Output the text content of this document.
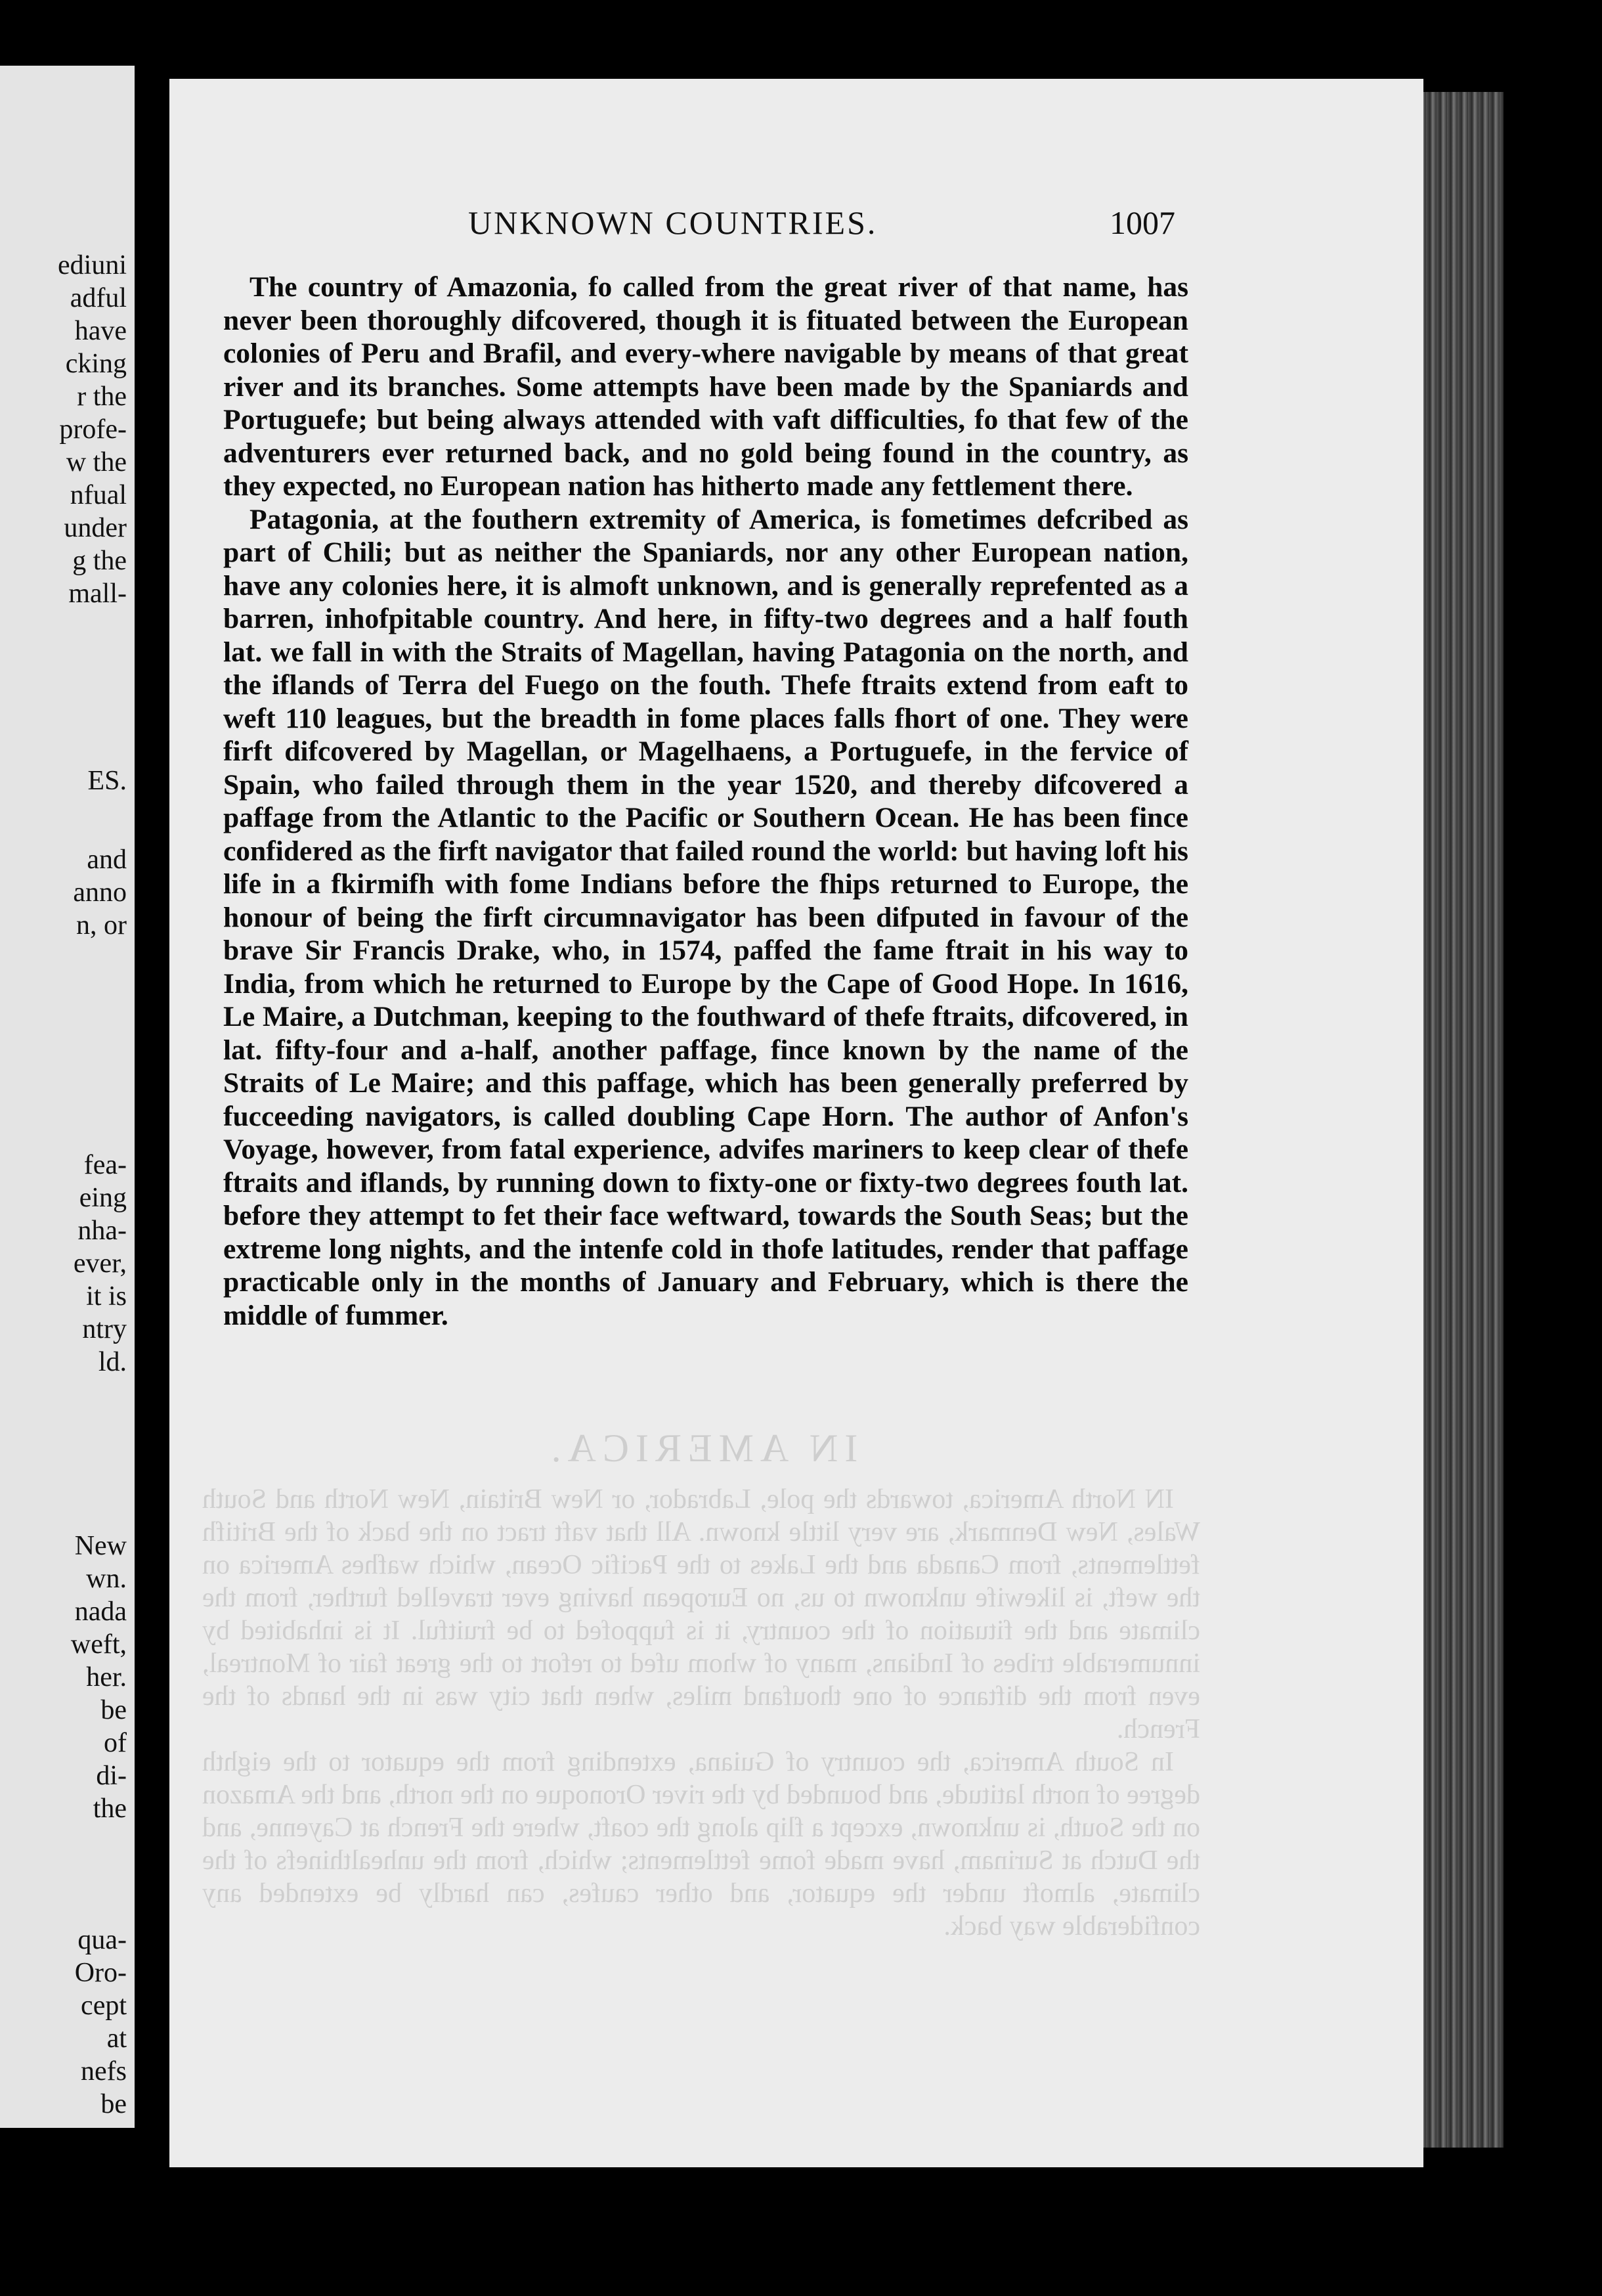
ediuni
adful
have
cking
r the
profe-
w the
nfual
under
g the
mall-
ES.
and
anno
n, or
fea-
eing
nha-
ever,
it is
ntry
ld.
New
wn.
nada
weft,
her.
be
of
di-
the
qua-
Oro-
cept
at
nefs
be
UNKNOWN COUNTRIES.	1007

The country of Amazonia, fo called from the great river of that name, has never been thoroughly difcovered, though it is fituated between the European colonies of Peru and Brafil, and every-where navigable by means of that great river and its branches. Some attempts have been made by the Spaniards and Portuguefe; but being always attended with vaft difficulties, fo that few of the adventurers ever returned back, and no gold being found in the country, as they expected, no European nation has hitherto made any fettlement there.

Patagonia, at the fouthern extremity of America, is fometimes defcribed as part of Chili; but as neither the Spaniards, nor any other European nation, have any colonies here, it is almoft unknown, and is generally reprefented as a barren, inhofpitable country. And here, in fifty-two degrees and a half fouth lat. we fall in with the Straits of Magellan, having Patagonia on the north, and the iflands of Terra del Fuego on the fouth. Thefe ftraits extend from eaft to weft 110 leagues, but the breadth in fome places falls fhort of one. They were firft difcovered by Magellan, or Magelhaens, a Portuguefe, in the fervice of Spain, who failed through them in the year 1520, and thereby difcovered a paffage from the Atlantic to the Pacific or Southern Ocean. He has been fince confidered as the firft navigator that failed round the world: but having loft his life in a fkirmifh with fome Indians before the fhips returned to Europe, the honour of being the firft circumnavigator has been difputed in favour of the brave Sir Francis Drake, who, in 1574, paffed the fame ftrait in his way to India, from which he returned to Europe by the Cape of Good Hope. In 1616, Le Maire, a Dutchman, keeping to the fouthward of thefe ftraits, difcovered, in lat. fifty-four and a-half, another paffage, fince known by the name of the Straits of Le Maire; and this paffage, which has been generally preferred by fucceeding navigators, is called doubling Cape Horn. The author of Anfon's Voyage, however, from fatal experience, advifes mariners to keep clear of thefe ftraits and iflands, by running down to fixty-one or fixty-two degrees fouth lat. before they attempt to fet their face weftward, towards the South Seas; but the extreme long nights, and the intenfe cold in thofe latitudes, render that paffage practicable only in the months of January and February, which is there the middle of fummer.

IN AMERICA.

IN North America, towards the pole, Labrador, or New Britain, New North and South Wales, New Denmark, are very little known. All that vaft tract on the back of the Britifh fettlements, from Canada and the Lakes to the Pacific Ocean, which wafhes America on the weft, is likewife unknown to us, no European having ever travelled further, from the climate and the fituation of the country, it is fuppofed to be fruitful. It is inhabited by innumerable tribes of Indians, many of whom ufed to refort to the great fair of Montreal, even from the diftance of one thoufand miles, when that city was in the hands of the French.

In South America, the country of Guiana, extending from the equator to the eighth degree of north latitude, and bounded by the river Oronoque on the north, and the Amazon on the South, is unknown, except a flip along the coaft, where the French at Cayenne, and the Dutch at Surinam, have made fome fettlements; which, from the unhealthinefs of the climate, almoft under the equator, and other caufes, can hardly be extended any confiderable way back.
